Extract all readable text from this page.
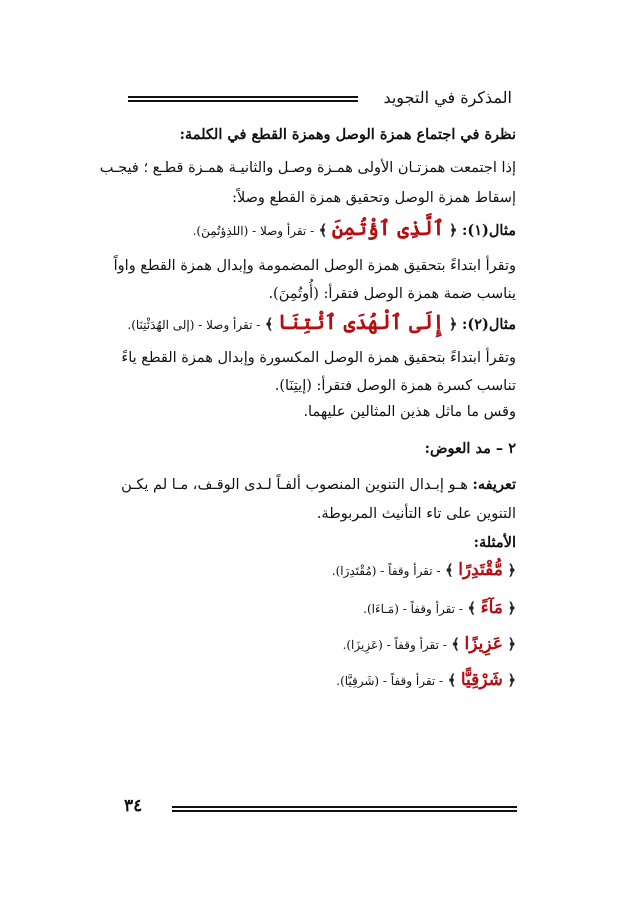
المذكرة في التجويد
نظرة في اجتماع همزة الوصل وهمزة القطع في الكلمة:
إذا اجتمعت همزتـان الأولى همـزة وصـل والثانيـة همـزة قطـع ؛ فيجـب
إسقاط همزة الوصل وتحقيق همزة القطع وصلاً:
مثال(١): ﴿ ٱلَّذِى ٱؤْتُمِنَ ﴾ - تقرأ وصلا - (اللذِؤتُمِنَ).
وتقرأ ابتداءً بتحقيق همزة الوصل المضمومة وإبدال همزة القطع واواً
يناسب ضمة همزة الوصل فتقرأ: (أُوتُمِنَ).
مثال(٢): ﴿ إِلَى ٱلْهُدَى ٱئْتِنَا ﴾ - تقرأ وصلا - (إلى الهُدَئْتِنَا).
وتقرأ ابتداءً بتحقيق همزة الوصل المكسورة وإبدال همزة القطع ياءً
تناسب كسرة همزة الوصل فتقرأ: (إيتِنَا).
وقس ما ماثل هذين المثالين عليهما.
٢ – مد العوض:
تعريفه: هـو إبـدال التنوين المنصوب ألفـاً لـدى الوقـف، مـا لم يكـن
التنوين على تاء التأنيث المربوطة.
الأمثلة:
﴿ مُّقْتَدِرًا ﴾ - تقرأ وقفاً - (مُقْتَدِرَا).
﴿ مَآءً ﴾ - تقرأ وقفاً - (مَـاءَا).
﴿ عَزِيزًا ﴾ - تقرأ وقفاً - (عَزِيزَا).
﴿ شَرْقِيًّا ﴾ - تقرأ وقفاً - (شَرقِيَّا).
٣٤
